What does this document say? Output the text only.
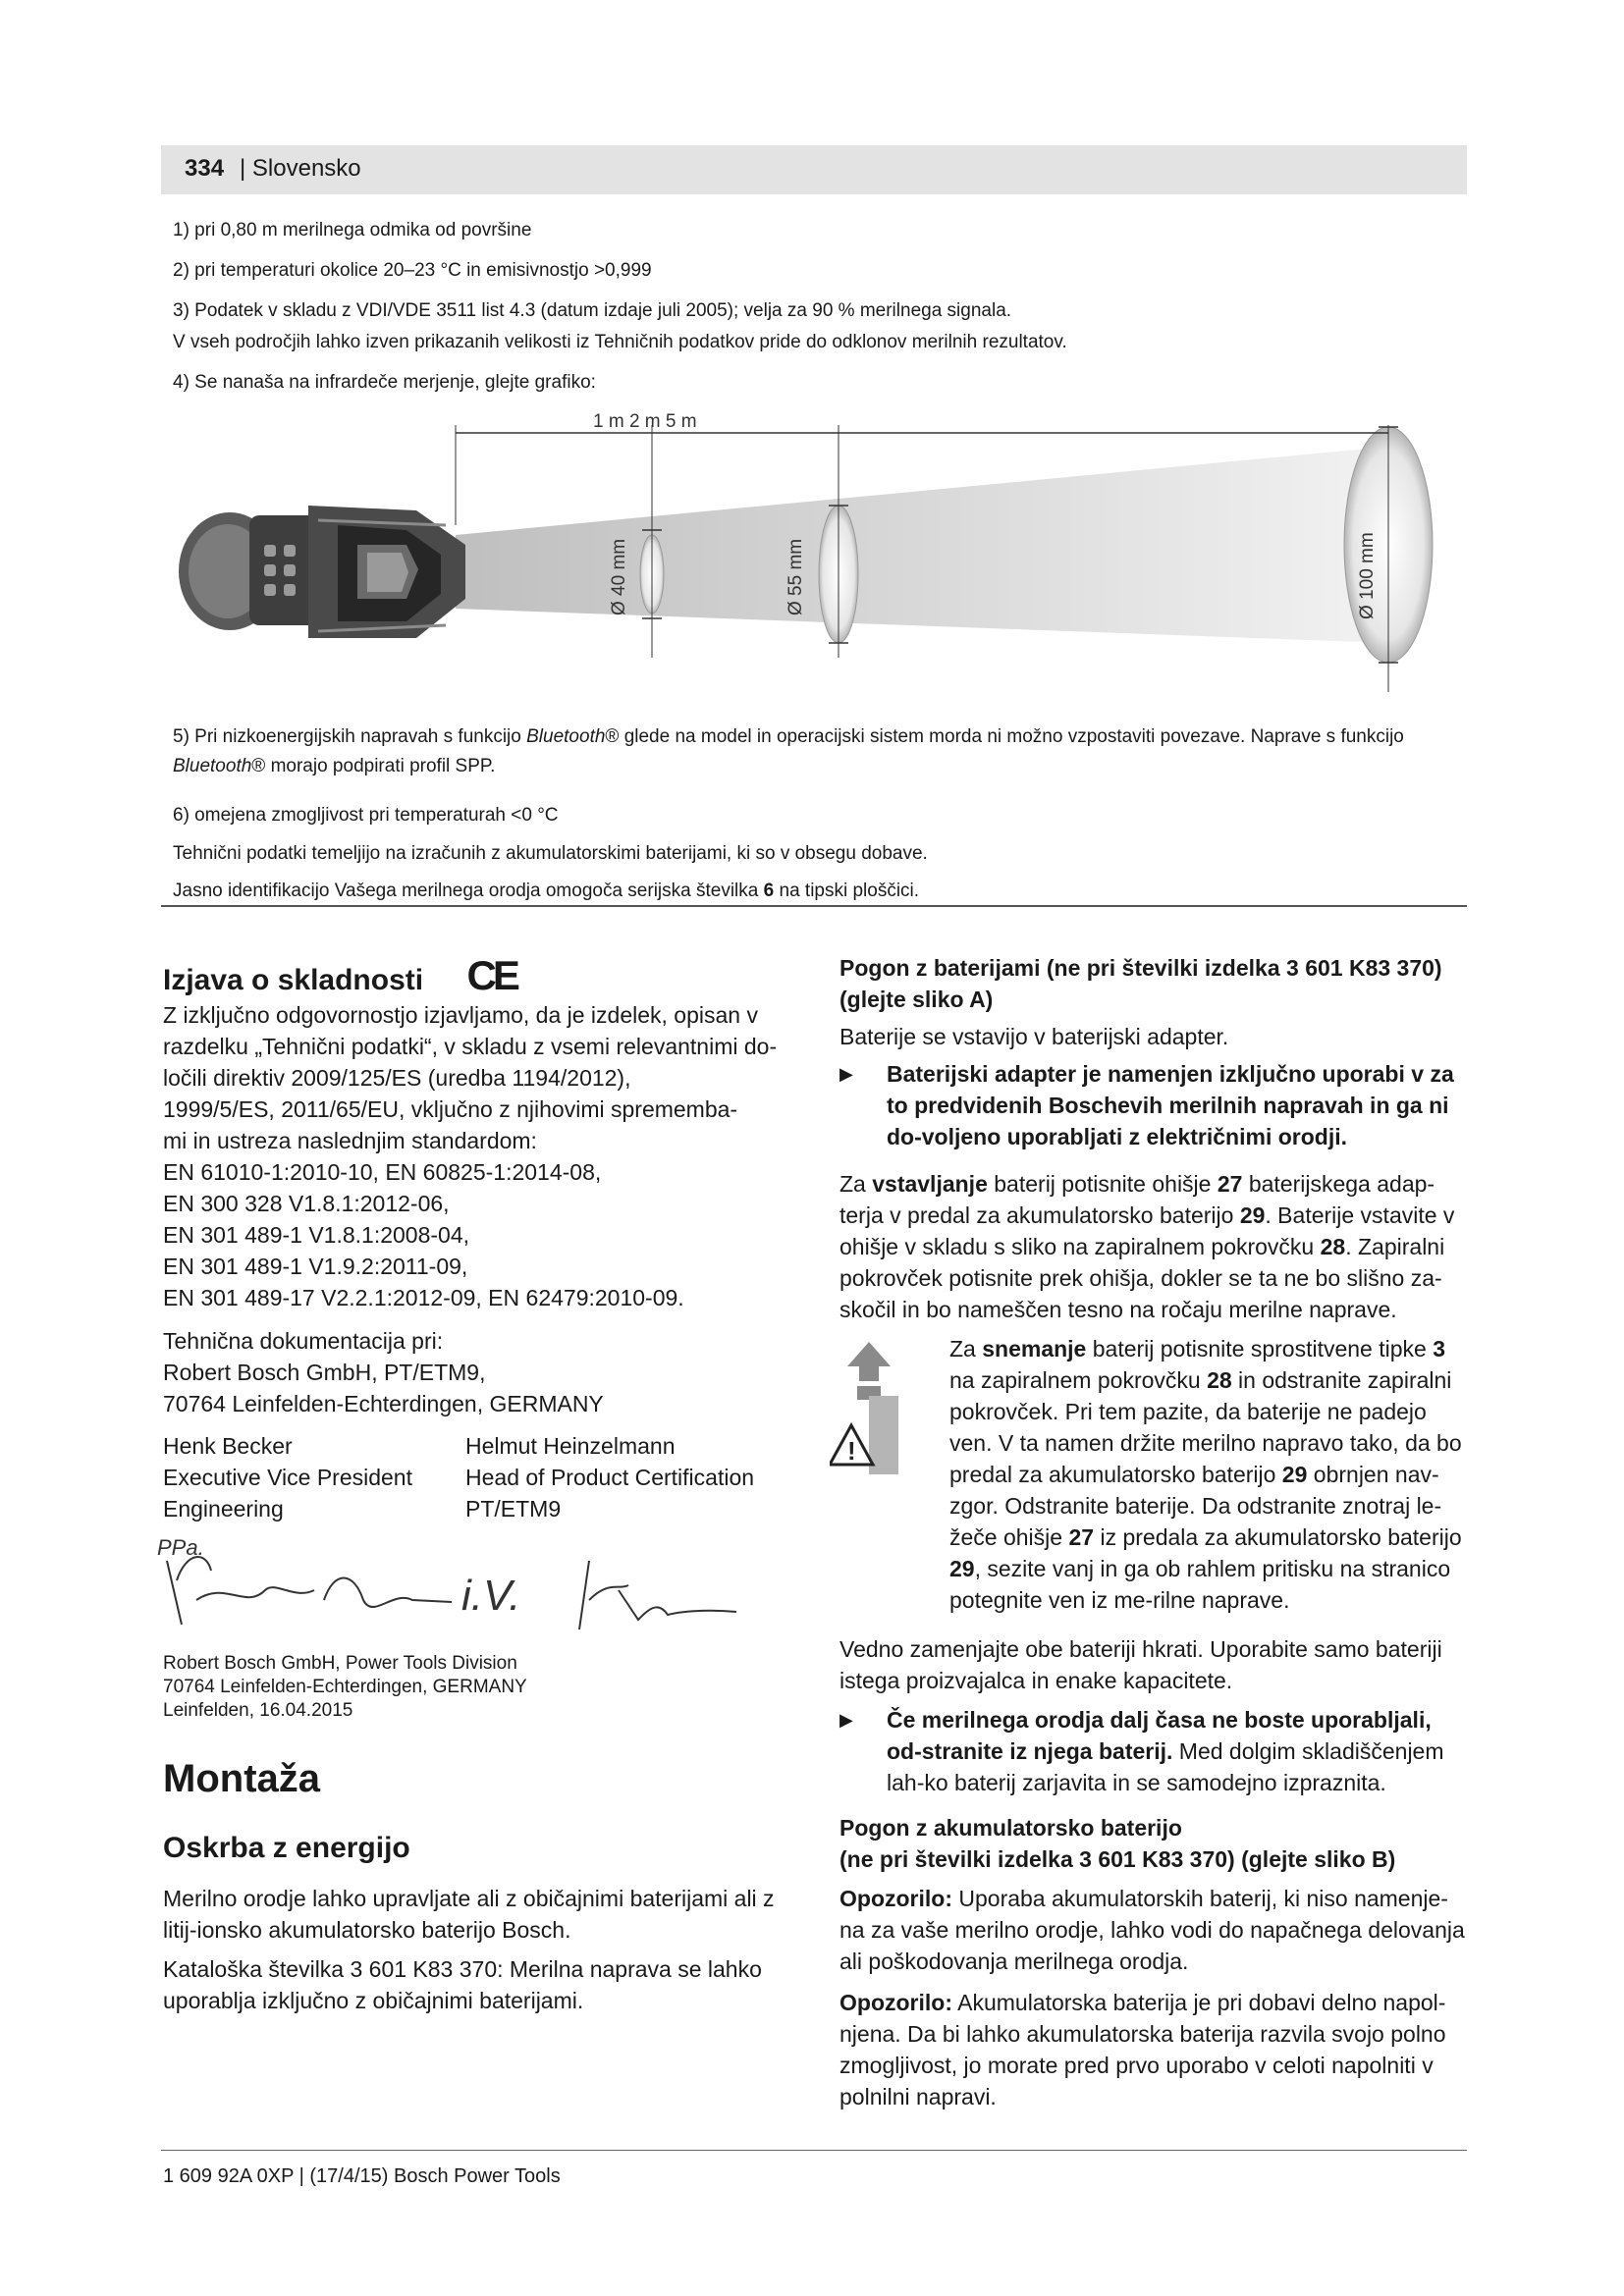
334 | Slovensko
1) pri 0,80 m merilnega odmika od površine
2) pri temperaturi okolice 20–23 °C in emisivnostjo >0,999
3) Podatek v skladu z VDI/VDE 3511 list 4.3 (datum izdaje juli 2005); velja za 90 % merilnega signala.
V vseh področjih lahko izven prikazanih velikosti iz Tehničnih podatkov pride do odklonov merilnih rezultatov.
4) Se nanaša na infrardeče merjenje, glejte grafiko:
1 m 2 m 5 m
Ø 40 mm	Ø 55 mm	Ø 100 mm
5) Pri nizkoenergijskih napravah s funkcijo Bluetooth® glede na model in operacijski sistem morda ni možno vzpostaviti povezave. Naprave s funkcijo Bluetooth® morajo podpirati profil SPP.
6) omejena zmogljivost pri temperaturah <0 °C
Tehnični podatki temeljijo na izračunih z akumulatorskimi baterijami, ki so v obsegu dobave.
Jasno identifikacijo Vašega merilnega orodja omogoča serijska številka 6 na tipski ploščici.
Izjava o skladnosti CE
Z izključno odgovornostjo izjavljamo, da je izdelek, opisan v
razdelku „Tehnični podatki“, v skladu z vsemi relevantnimi do-
ločili direktiv 2009/125/ES (uredba 1194/2012),
1999/5/ES, 2011/65/EU, vključno z njihovimi sprememba-
mi in ustreza naslednjim standardom:
EN 61010-1:2010-10, EN 60825-1:2014-08,
EN 300 328 V1.8.1:2012-06,
EN 301 489-1 V1.8.1:2008-04,
EN 301 489-1 V1.9.2:2011-09,
EN 301 489-17 V2.2.1:2012-09, EN 62479:2010-09.
Tehnična dokumentacija pri:
Robert Bosch GmbH, PT/ETM9,
70764 Leinfelden-Echterdingen, GERMANY
Henk Becker
Executive Vice President
Engineering
Helmut Heinzelmann
Head of Product Certification
PT/ETM9
PPa.
i.V.
Robert Bosch GmbH, Power Tools Division
70764 Leinfelden-Echterdingen, GERMANY
Leinfelden, 16.04.2015
Montaža
Oskrba z energijo
Merilno orodje lahko upravljate ali z običajnimi baterijami ali z litij-ionsko akumulatorsko baterijo Bosch.
Kataloška številka 3 601 K83 370: Merilna naprava se lahko uporablja izključno z običajnimi baterijami.
Pogon z baterijami (ne pri številki izdelka 3 601 K83 370) (glejte sliko A)
Baterije se vstavijo v baterijski adapter.
▶ Baterijski adapter je namenjen izključno uporabi v za to predvidenih Boschevih merilnih napravah in ga ni do-voljeno uporabljati z električnimi orodji.
Za vstavljanje baterij potisnite ohišje 27 baterijskega adap-terja v predal za akumulatorsko baterijo 29. Baterije vstavite v ohišje v skladu s sliko na zapiralnem pokrovčku 28. Zapiralni pokrovček potisnite prek ohišja, dokler se ta ne bo slišno za-skočil in bo nameščen tesno na ročaju merilne naprave.
!
Za snemanje baterij potisnite sprostitvene tipke 3 na zapiralnem pokrovčku 28 in odstranite zapiralni pokrovček. Pri tem pazite, da baterije ne padejo ven. V ta namen držite merilno napravo tako, da bo predal za akumulatorsko baterijo 29 obrnjen nav-zgor. Odstranite baterije. Da odstranite znotraj le-žeče ohišje 27 iz predala za akumulatorsko baterijo 29, sezite vanj in ga ob rahlem pritisku na stranico potegnite ven iz me-rilne naprave.
Vedno zamenjajte obe bateriji hkrati. Uporabite samo bateriji istega proizvajalca in enake kapacitete.
▶ Če merilnega orodja dalj časa ne boste uporabljali, od-stranite iz njega baterij. Med dolgim skladiščenjem lah-ko baterij zarjavita in se samodejno izpraznita.
Pogon z akumulatorsko baterijo
(ne pri številki izdelka 3 601 K83 370) (glejte sliko B)
Opozorilo: Uporaba akumulatorskih baterij, ki niso namenje-na za vaše merilno orodje, lahko vodi do napačnega delovanja ali poškodovanja merilnega orodja.
Opozorilo: Akumulatorska baterija je pri dobavi delno napol-njena. Da bi lahko akumulatorska baterija razvila svojo polno zmogljivost, jo morate pred prvo uporabo v celoti napolniti v polnilni napravi.
1 609 92A 0XP | (17/4/15) Bosch Power Tools
